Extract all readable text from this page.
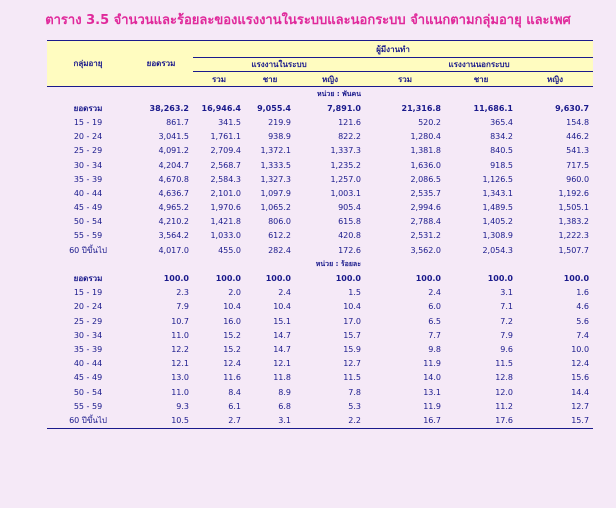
ตาราง 3.5 จำนวนและร้อยละของแรงงานในระบบและนอกระบบ จำแนกตามกลุ่มอายุ และเพศ
กลุ่มอายุ	ยอดรวม	ผู้มีงานทำ					
		แรงงานในระบบ			แรงงานนอกระบบ		
		รวม	ชาย	หญิง	รวม	ชาย	หญิง
หน่วย : พันคน							
ยอดรวม	38,263.2	16,946.4	9,055.4	7,891.0	21,316.8	11,686.1	9,630.7
15 - 19	861.7	341.5	219.9	121.6	520.2	365.4	154.8
20 - 24	3,041.5	1,761.1	938.9	822.2	1,280.4	834.2	446.2
25 - 29	4,091.2	2,709.4	1,372.1	1,337.3	1,381.8	840.5	541.3
30 - 34	4,204.7	2,568.7	1,333.5	1,235.2	1,636.0	918.5	717.5
35 - 39	4,670.8	2,584.3	1,327.3	1,257.0	2,086.5	1,126.5	960.0
40 - 44	4,636.7	2,101.0	1,097.9	1,003.1	2,535.7	1,343.1	1,192.6
45 - 49	4,965.2	1,970.6	1,065.2	905.4	2,994.6	1,489.5	1,505.1
50 - 54	4,210.2	1,421.8	806.0	615.8	2,788.4	1,405.2	1,383.2
55 - 59	3,564.2	1,033.0	612.2	420.8	2,531.2	1,308.9	1,222.3
60 ปีขึ้นไป	4,017.0	455.0	282.4	172.6	3,562.0	2,054.3	1,507.7
หน่วย : ร้อยละ							
ยอดรวม	100.0	100.0	100.0	100.0	100.0	100.0	100.0
15 - 19	2.3	2.0	2.4	1.5	2.4	3.1	1.6
20 - 24	7.9	10.4	10.4	10.4	6.0	7.1	4.6
25 - 29	10.7	16.0	15.1	17.0	6.5	7.2	5.6
30 - 34	11.0	15.2	14.7	15.7	7.7	7.9	7.4
35 - 39	12.2	15.2	14.7	15.9	9.8	9.6	10.0
40 - 44	12.1	12.4	12.1	12.7	11.9	11.5	12.4
45 - 49	13.0	11.6	11.8	11.5	14.0	12.8	15.6
50 - 54	11.0	8.4	8.9	7.8	13.1	12.0	14.4
55 - 59	9.3	6.1	6.8	5.3	11.9	11.2	12.7
60 ปีขึ้นไป	10.5	2.7	3.1	2.2	16.7	17.6	15.7
